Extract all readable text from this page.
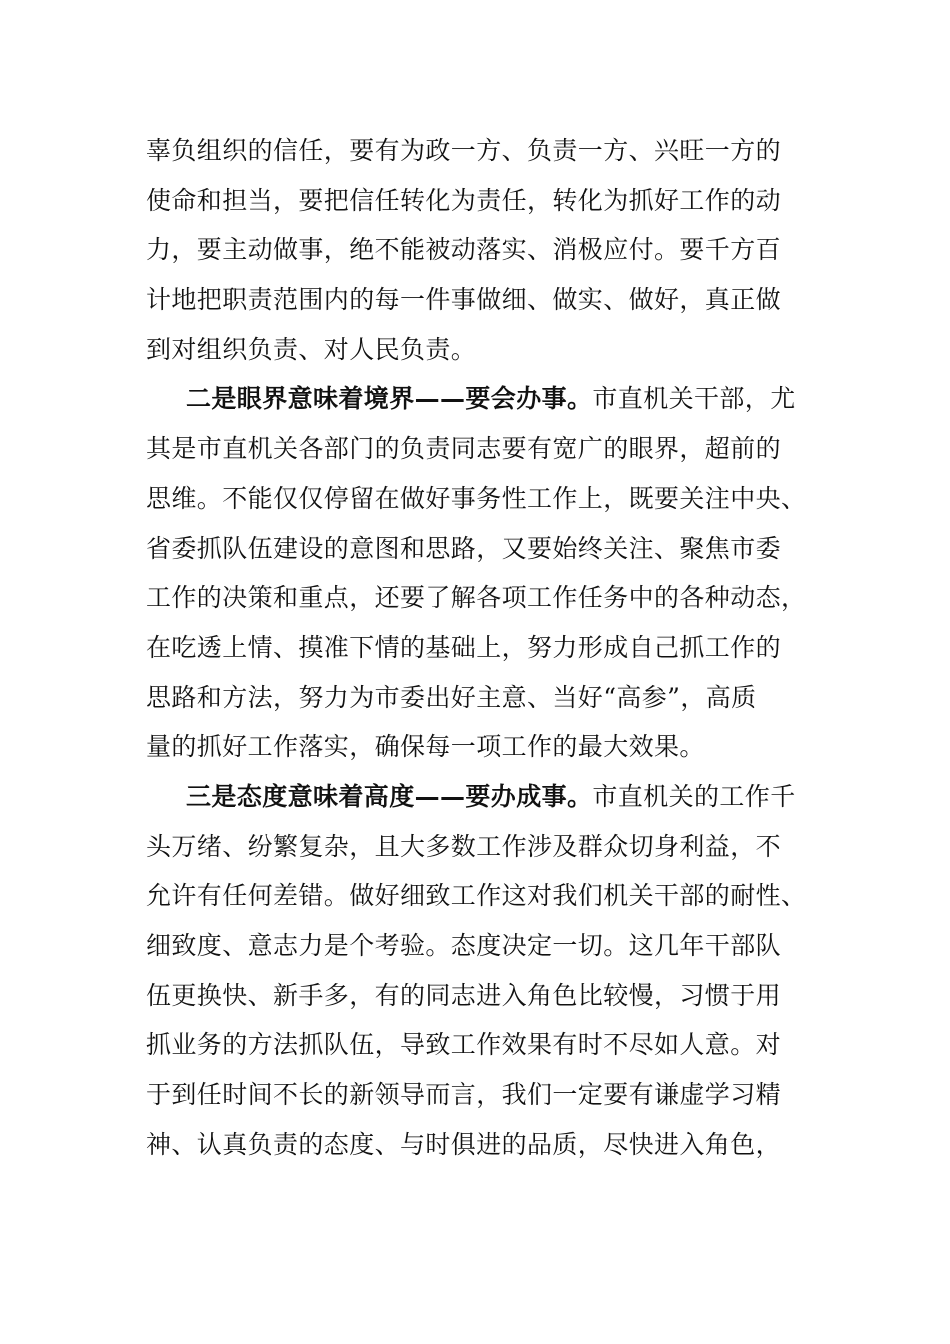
辜负组织的信任，要有为政一方、负责一方、兴旺一方的
使命和担当，要把信任转化为责任，转化为抓好工作的动
力，要主动做事，绝不能被动落实、消极应付。要千方百
计地把职责范围内的每一件事做细、做实、做好，真正做
到对组织负责、对人民负责。
二是眼界意味着境界——要会办事。市直机关干部，尤
其是市直机关各部门的负责同志要有宽广的眼界，超前的
思维。不能仅仅停留在做好事务性工作上，既要关注中央、
省委抓队伍建设的意图和思路，又要始终关注、聚焦市委
工作的决策和重点，还要了解各项工作任务中的各种动态，
在吃透上情、摸准下情的基础上，努力形成自己抓工作的
思路和方法，努力为市委出好主意、当好“高参”，高质
量的抓好工作落实，确保每一项工作的最大效果。
三是态度意味着高度——要办成事。市直机关的工作千
头万绪、纷繁复杂，且大多数工作涉及群众切身利益，不
允许有任何差错。做好细致工作这对我们机关干部的耐性、
细致度、意志力是个考验。态度决定一切。这几年干部队
伍更换快、新手多，有的同志进入角色比较慢，习惯于用
抓业务的方法抓队伍，导致工作效果有时不尽如人意。对
于到任时间不长的新领导而言，我们一定要有谦虚学习精
神、认真负责的态度、与时俱进的品质，尽快进入角色，
